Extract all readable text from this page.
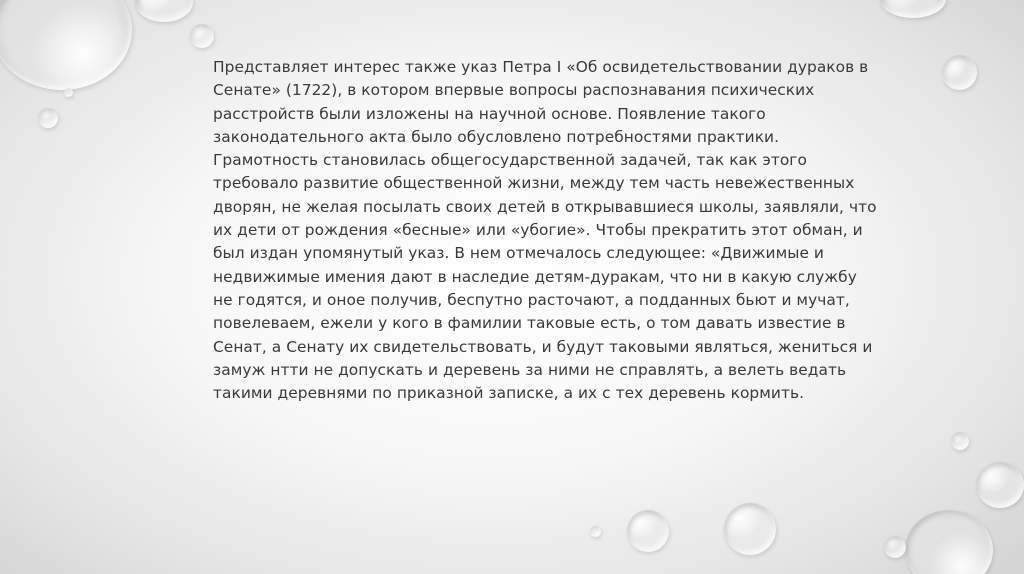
Представляет интерес также указ Петра I «Об освидетельствовании дураков в
Сенате» (1722), в котором впервые вопросы распознавания психических
расстройств были изложены на научной основе. Появление такого
законодательного акта было обусловлено потребностями практики.
Грамотность становилась общегосударственной задачей, так как этого
требовало развитие общественной жизни, между тем часть невежественных
дворян, не желая посылать своих детей в открывавшиеся школы, заявляли, что
их дети от рождения «бесные» или «убогие». Чтобы прекратить этот обман, и
был издан упомянутый указ. В нем отмечалось следующее: «Движимые и
недвижимые имения дают в наследие детям-дуракам, что ни в какую службу
не годятся, и оное получив, беспутно расточают, а подданных бьют и мучат,
повелеваем, ежели у кого в фамилии таковые есть, о том давать известие в
Сенат, а Сенату их свидетельствовать, и будут таковыми являться, жениться и
замуж нтти не допускать и деревень за ними не справлять, а велеть ведать
такими деревнями по приказной записке, а их с тех деревень кормить.
